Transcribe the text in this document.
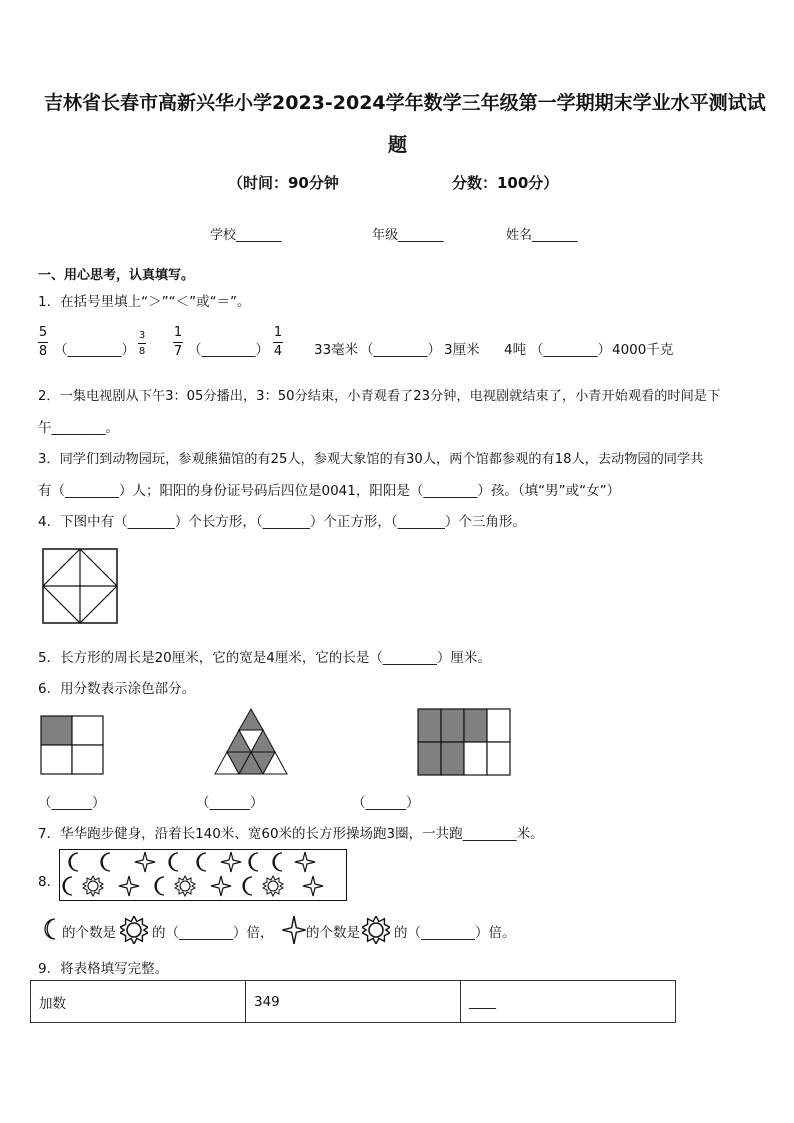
吉林省长春市高新兴华小学2023-2024学年数学三年级第一学期期末学业水平测试试
题
（时间：90分钟	分数：100分）
学校_______	年级_______	姓名_______
一、用心思考，认真填写。
1．在括号里填上“＞”“＜”或“＝”。
5
8 （________）
3
8
1
7 （________）
1
4 33毫米 （________） 3厘米 4吨 （________） 4000千克
2．一集电视剧从下午3：05分播出，3：50分结束，小青观看了23分钟，电视剧就结束了，小青开始观看的时间是下
午________。
3．同学们到动物园玩，参观熊猫馆的有25人，参观大象馆的有30人，两个馆都参观的有18人，去动物园的同学共
有（________）人；阳阳的身份证号码后四位是0041，阳阳是（________）孩。（填“男”或“女”）
4．下图中有（_______）个长方形，（_______）个正方形，（_______）个三角形。
5．长方形的周长是20厘米，它的宽是4厘米，它的长是（________）厘米。
6．用分数表示涂色部分。
（______）	（______）	（______）
7．华华跑步健身，沿着长140米、宽60米的长方形操场跑3圈，一共跑________米。
8．
的个数是	的（________）倍， 的个数是	的（________）倍。
9．将表格填写完整。
加数	349	____
